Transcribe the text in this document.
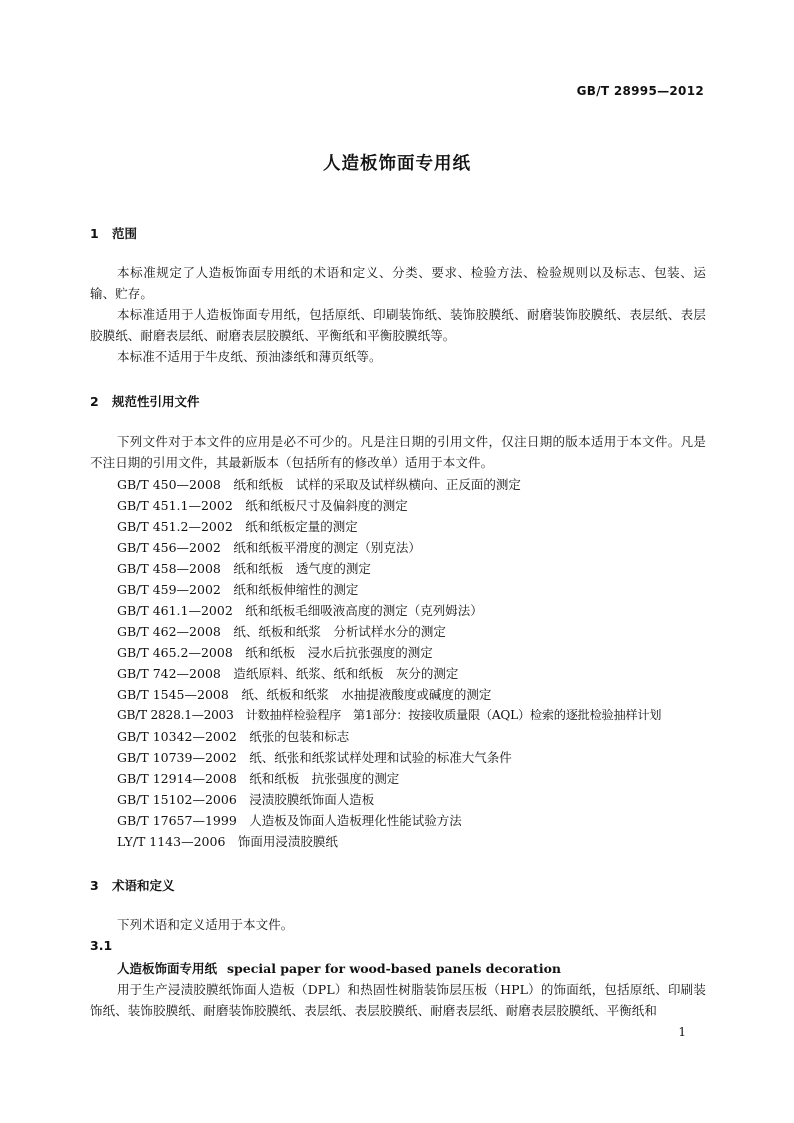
GB/T 28995—2012
人造板饰面专用纸
1 范围
本标准规定了人造板饰面专用纸的术语和定义、分类、要求、检验方法、检验规则以及标志、包装、运输、贮存。
本标准适用于人造板饰面专用纸，包括原纸、印刷装饰纸、装饰胶膜纸、耐磨装饰胶膜纸、表层纸、表层胶膜纸、耐磨表层纸、耐磨表层胶膜纸、平衡纸和平衡胶膜纸等。
本标准不适用于牛皮纸、预油漆纸和薄页纸等。
2 规范性引用文件
下列文件对于本文件的应用是必不可少的。凡是注日期的引用文件，仅注日期的版本适用于本文件。凡是不注日期的引用文件，其最新版本（包括所有的修改单）适用于本文件。
GB/T 450—2008　纸和纸板　试样的采取及试样纵横向、正反面的测定
GB/T 451.1—2002　纸和纸板尺寸及偏斜度的测定
GB/T 451.2—2002　纸和纸板定量的测定
GB/T 456—2002　纸和纸板平滑度的测定（别克法）
GB/T 458—2008　纸和纸板　透气度的测定
GB/T 459—2002　纸和纸板伸缩性的测定
GB/T 461.1—2002　纸和纸板毛细吸液高度的测定（克列姆法）
GB/T 462—2008　纸、纸板和纸浆　分析试样水分的测定
GB/T 465.2—2008　纸和纸板　浸水后抗张强度的测定
GB/T 742—2008　造纸原料、纸浆、纸和纸板　灰分的测定
GB/T 1545—2008　纸、纸板和纸浆　水抽提液酸度或碱度的测定
GB/T 2828.1—2003　计数抽样检验程序　第1部分：按接收质量限（AQL）检索的逐批检验抽样计划
GB/T 10342—2002　纸张的包装和标志
GB/T 10739—2002　纸、纸张和纸浆试样处理和试验的标准大气条件
GB/T 12914—2008　纸和纸板　抗张强度的测定
GB/T 15102—2006　浸渍胶膜纸饰面人造板
GB/T 17657—1999　人造板及饰面人造板理化性能试验方法
LY/T 1143—2006　饰面用浸渍胶膜纸
3 术语和定义
下列术语和定义适用于本文件。
3.1
人造板饰面专用纸 special paper for wood-based panels decoration
用于生产浸渍胶膜纸饰面人造板（DPL）和热固性树脂装饰层压板（HPL）的饰面纸，包括原纸、印刷装饰纸、装饰胶膜纸、耐磨装饰胶膜纸、表层纸、表层胶膜纸、耐磨表层纸、耐磨表层胶膜纸、平衡纸和
1
